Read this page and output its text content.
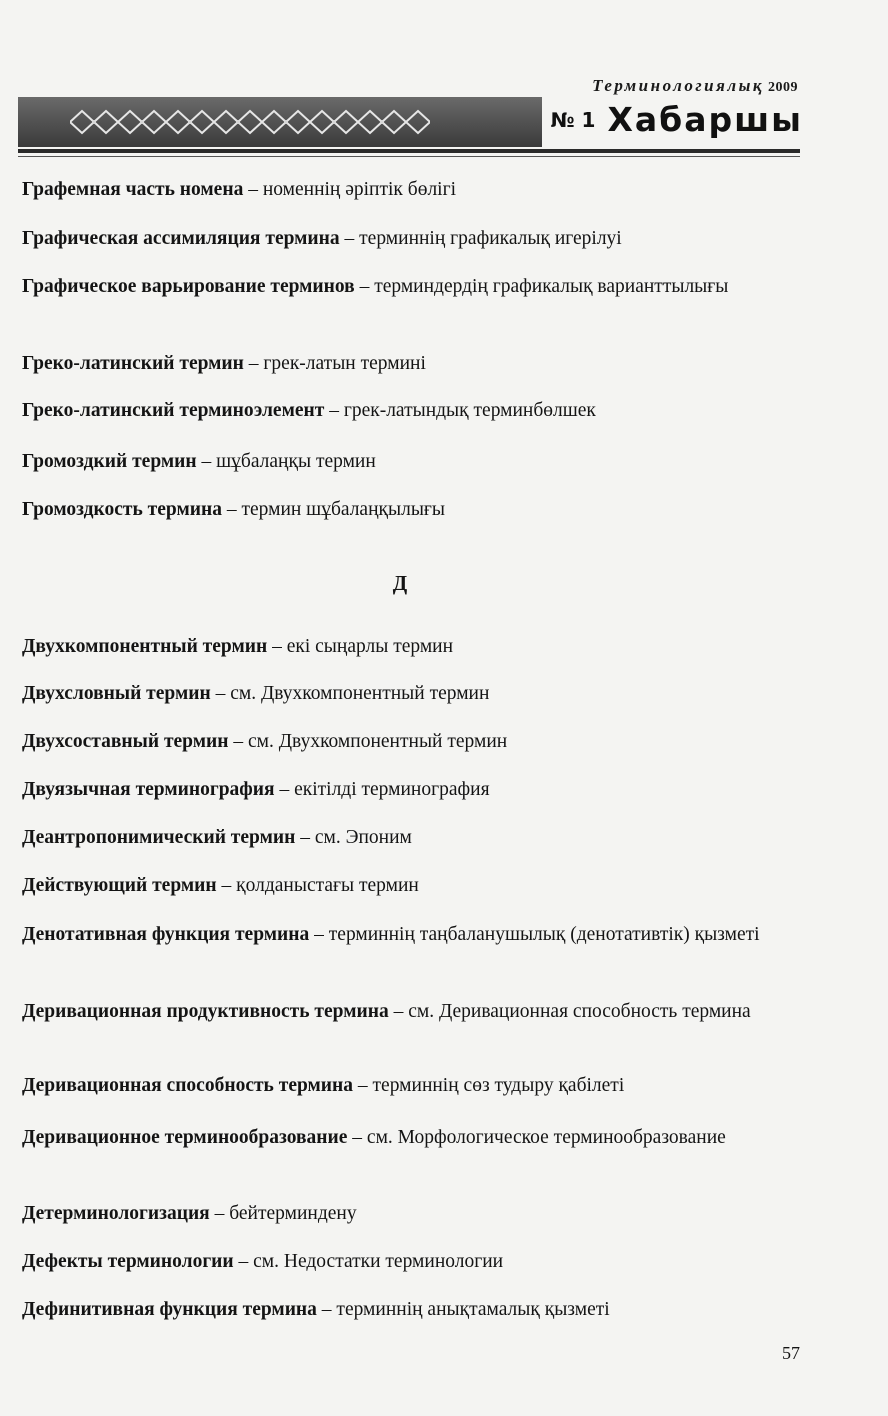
Терминологиялық 2009
№ 1 Хабаршы
Графемная часть номена – номеннің әріптік бөлігі
Графическая ассимиляция термина – терминнің графикалық игерілуі
Графическое варьирование терминов – терминдердің графикалық варианттылығы
Греко-латинский термин – грек-латын термині
Греко-латинский терминоэлемент – грек-латындық терминбөлшек
Громоздкий термин – шұбалаңқы термин
Громоздкость термина – термин шұбалаңқылығы
Д
Двухкомпонентный термин – екі сыңарлы термин
Двухсловный термин – см. Двухкомпонентный термин
Двухсоставный термин – см. Двухкомпонентный термин
Двуязычная терминография – екітілді терминография
Деантропонимический термин – см. Эпоним
Действующий термин – қолданыстағы термин
Денотативная функция термина – терминнің таңбаланушылық (денотативтік) қызметі
Деривационная продуктивность термина – см. Деривационная способность термина
Деривационная способность термина – терминнің сөз тудыру қабілеті
Деривационное терминообразование – см. Морфологическое терминообразование
Детерминологизация – бейтерминдену
Дефекты терминологии – см. Недостатки терминологии
Дефинитивная функция термина – терминнің анықтамалық қызметі
57
